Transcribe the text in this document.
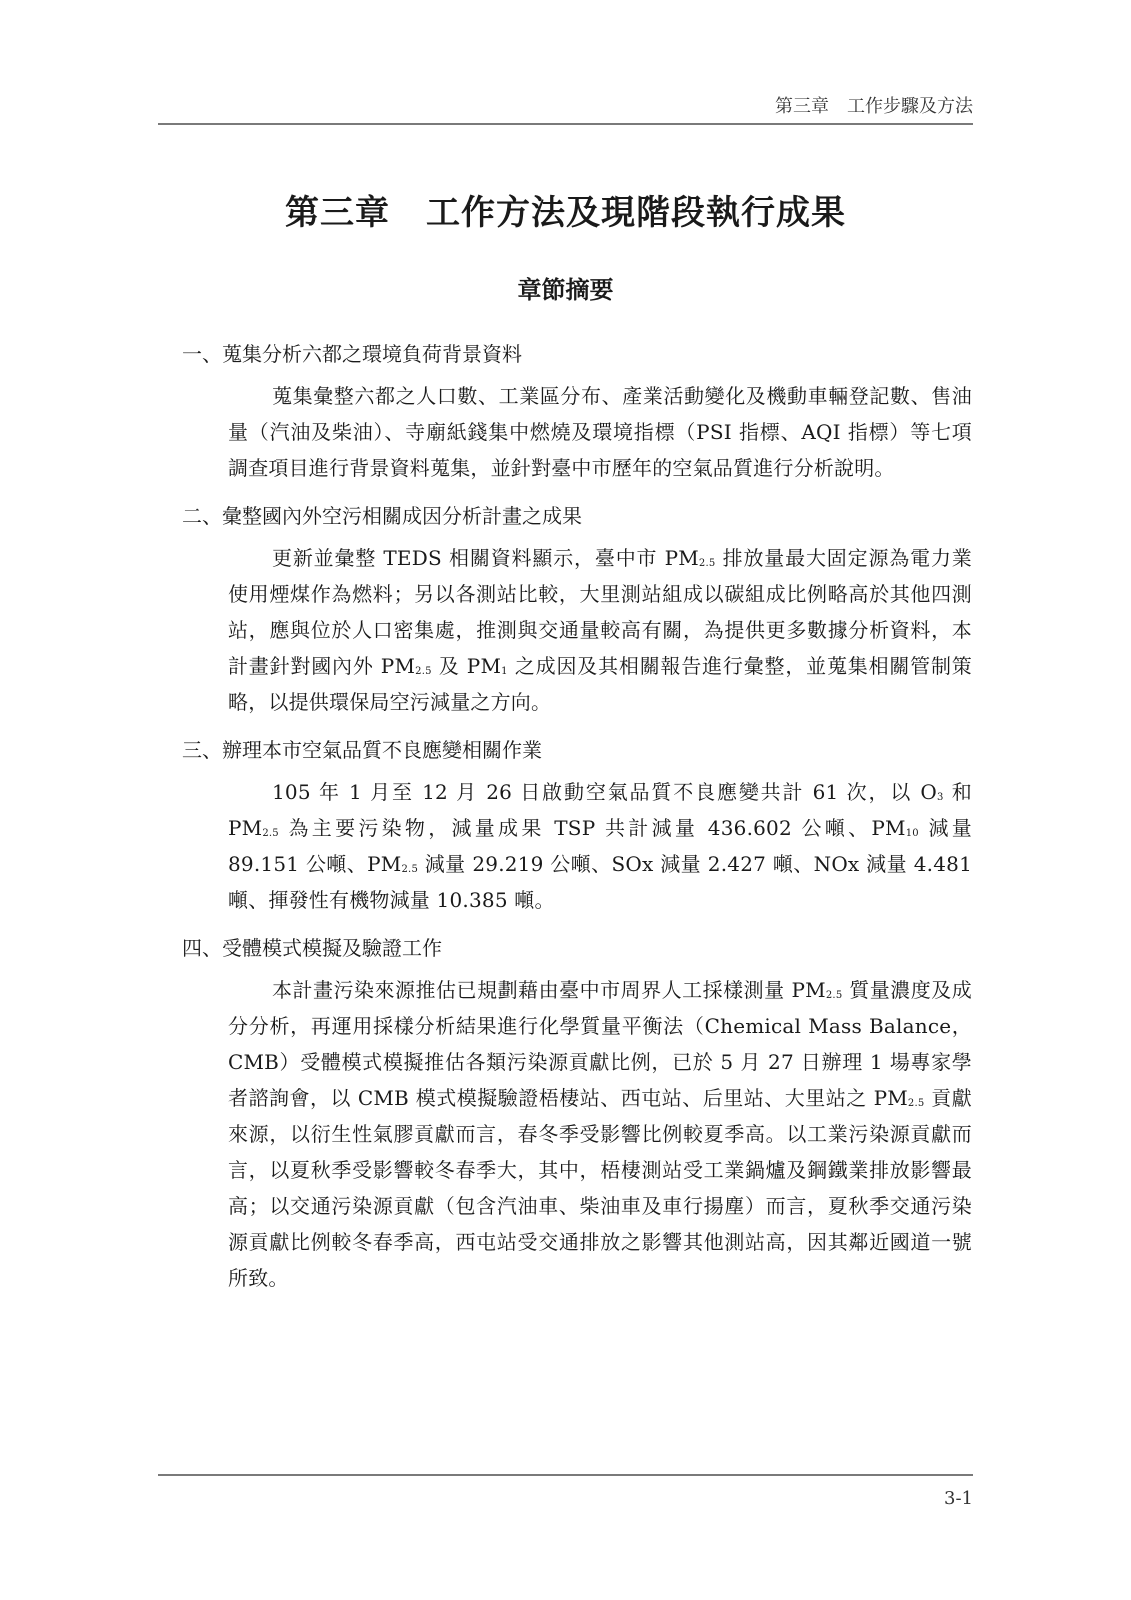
第三章　工作步驟及方法
第三章 工作方法及現階段執行成果
章節摘要
一、蒐集分析六都之環境負荷背景資料

蒐集彙整六都之人口數、工業區分布、產業活動變化及機動車輛登記數、售油量（汽油及柴油）、寺廟紙錢集中燃燒及環境指標（PSI 指標、AQI 指標）等七項調查項目進行背景資料蒐集，並針對臺中市歷年的空氣品質進行分析說明。

二、彙整國內外空污相關成因分析計畫之成果

更新並彙整 TEDS 相關資料顯示，臺中市 $PM_{2.5}$ 排放量最大固定源為電力業使用煙煤作為燃料；另以各測站比較，大里測站組成以碳組成比例略高於其他四測站，應與位於人口密集處，推測與交通量較高有關，為提供更多數據分析資料，本計畫針對國內外 $PM_{2.5}$ 及 $PM_1$ 之成因及其相關報告進行彙整，並蒐集相關管制策略，以提供環保局空污減量之方向。

三、辦理本市空氣品質不良應變相關作業

105 年 1 月至 12 月 26 日啟動空氣品質不良應變共計 61 次，以 $O_3$ 和 $PM_{2.5}$ 為主要污染物，減量成果 TSP 共計減量 436.602 公噸、$PM_{10}$ 減量 89.151 公噸、$PM_{2.5}$ 減量 29.219 公噸、SOx 減量 2.427 噸、NOx 減量 4.481 噸、揮發性有機物減量 10.385 噸。

四、受體模式模擬及驗證工作

本計畫污染來源推估已規劃藉由臺中市周界人工採樣測量 $PM_{2.5}$ 質量濃度及成分分析，再運用採樣分析結果進行化學質量平衡法（Chemical Mass Balance，CMB）受體模式模擬推估各類污染源貢獻比例，已於 5 月 27 日辦理 1 場專家學者諮詢會，以 CMB 模式模擬驗證梧棲站、西屯站、后里站、大里站之 $PM_{2.5}$ 貢獻來源，以衍生性氣膠貢獻而言，春冬季受影響比例較夏季高。以工業污染源貢獻而言，以夏秋季受影響較冬春季大，其中，梧棲測站受工業鍋爐及鋼鐵業排放影響最高；以交通污染源貢獻（包含汽油車、柴油車及車行揚塵）而言，夏秋季交通污染源貢獻比例較冬春季高，西屯站受交通排放之影響其他測站高，因其鄰近國道一號所致。

3-1
